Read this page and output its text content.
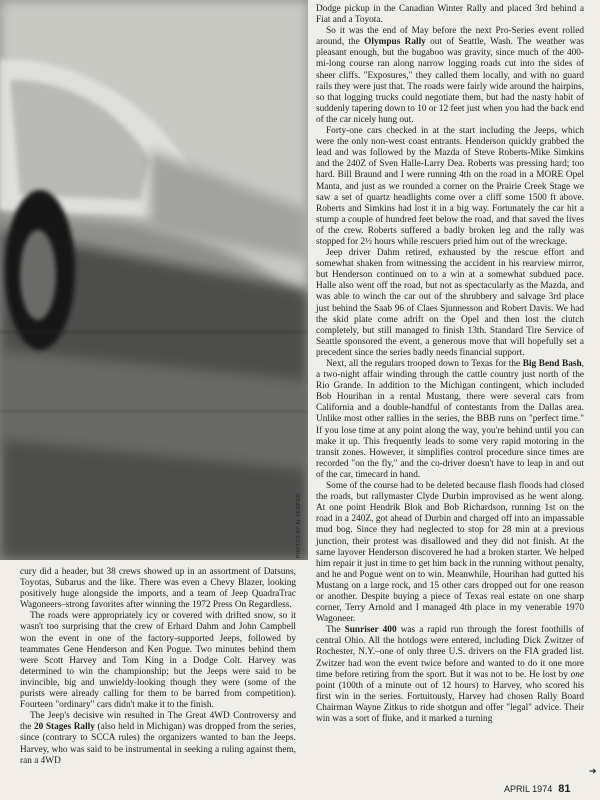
PHOTOS BY AL KEMPER

cury did a header, but 38 crews showed up in an assortment of Datsuns, Toyotas, Subarus and the like. There was even a Chevy Blazer, looking positively huge alongside the imports, and a team of Jeep QuadraTrac Wagoneers–strong favorites after winning the 1972 Press On Regardless.

The roads were appropriately icy or covered with drifted snow, so it wasn't too surprising that the crew of Erhard Dahm and John Campbell won the event in one of the factory-supported Jeeps, followed by teammates Gene Henderson and Ken Pogue. Two minutes behind them were Scott Harvey and Tom King in a Dodge Colt. Harvey was determined to win the championship; but the Jeeps were said to be invincible, big and unwieldy-looking though they were (some of the purists were already calling for them to be barred from competition). Fourteen "ordinary" cars didn't make it to the finish.

The Jeep's decisive win resulted in The Great 4WD Controversy and the 20 Stages Rally (also held in Michigan) was dropped from the series, since (contrary to SCCA rules) the organizers wanted to ban the Jeeps. Harvey, who was said to be instrumental in seeking a ruling against them, ran a 4WD

Dodge pickup in the Canadian Winter Rally and placed 3rd behind a Fiat and a Toyota.

So it was the end of May before the next Pro-Series event rolled around, the Olympus Rally out of Seattle, Wash. The weather was pleasant enough, but the bugaboo was gravity, since much of the 400-mi-long course ran along narrow logging roads cut into the sides of sheer cliffs. "Exposures," they called them locally, and with no guard rails they were just that. The roads were fairly wide around the hairpins, so that logging trucks could negotiate them, but had the nasty habit of suddenly tapering down to 10 or 12 feet just when you had the back end of the car nicely hung out.

Forty-one cars checked in at the start including the Jeeps, which were the only non-west coast entrants. Henderson quickly grabbed the lead and was followed by the Mazda of Steve Roberts-Mike Simkins and the 240Z of Sven Halle-Larry Dea. Roberts was pressing hard; too hard. Bill Braund and I were running 4th on the road in a MORE Opel Manta, and just as we rounded a corner on the Prairie Creek Stage we saw a set of quartz headlights come over a cliff some 1500 ft above. Roberts and Simkins had lost it in a big way. Fortunately the car hit a stump a couple of hundred feet below the road, and that saved the lives of the crew. Roberts suffered a badly broken leg and the rally was stopped for 2½ hours while rescuers pried him out of the wreckage.

Jeep driver Dahm retired, exhausted by the rescue effort and somewhat shaken from witnessing the accident in his rearview mirror, but Henderson continued on to a win at a somewhat subdued pace. Halle also went off the road, but not as spectacularly as the Mazda, and was able to winch the car out of the shrubbery and salvage 3rd place just behind the Saab 96 of Claes Sjunnesson and Robert Davis. We had the skid plate come adrift on the Opel and then lost the clutch completely, but still managed to finish 13th. Standard Tire Service of Seattle sponsored the event, a generous move that will hopefully set a precedent since the series badly needs financial support.

Next, all the regulars trooped down to Texas for the Big Bend Bash, a two-night affair winding through the cattle country just north of the Rio Grande. In addition to the Michigan contingent, which included Bob Hourihan in a rental Mustang, there were several cars from California and a double-handful of contestants from the Dallas area. Unlike most other rallies in the series, the BBB runs on "perfect time." If you lose time at any point along the way, you're behind until you can make it up. This frequently leads to some very rapid motoring in the transit zones. However, it simplifies control procedure since times are recorded "on the fly," and the co-driver doesn't have to leap in and out of the car, timecard in hand.

Some of the course had to be deleted because flash floods had closed the roads, but rallymaster Clyde Durbin improvised as he went along. At one point Hendrik Blok and Bob Richardson, running 1st on the road in a 240Z, got ahead of Durbin and charged off into an impassable mud bog. Since they had neglected to stop for 28 min at a previous junction, their protest was disallowed and they did not finish. At the same layover Henderson discovered he had a broken starter. We helped him repair it just in time to get him back in the running without penalty, and he and Pogue went on to win. Meanwhile, Hourihan had gutted his Mustang on a large rock, and 15 other cars dropped out for one reason or another. Despite buying a piece of Texas real estate on one sharp corner, Terry Arnold and I managed 4th place in my venerable 1970 Wagoneer.

The Sunriser 400 was a rapid run through the forest foothills of central Ohio. All the hotdogs were entered, including Dick Zwitzer of Rochester, N.Y.–one of only three U.S. drivers on the FIA graded list. Zwitzer had won the event twice before and wanted to do it one more time before retiring from the sport. But it was not to be. He lost by one point (100th of a minute out of 12 hours) to Harvey, who scored his first win in the series. Fortuitously, Harvey had chosen Rally Board Chairman Wayne Zitkus to ride shotgun and offer "legal" advice. Their win was a sort of fluke, and it marked a turning

➔
APRIL 1974 81
